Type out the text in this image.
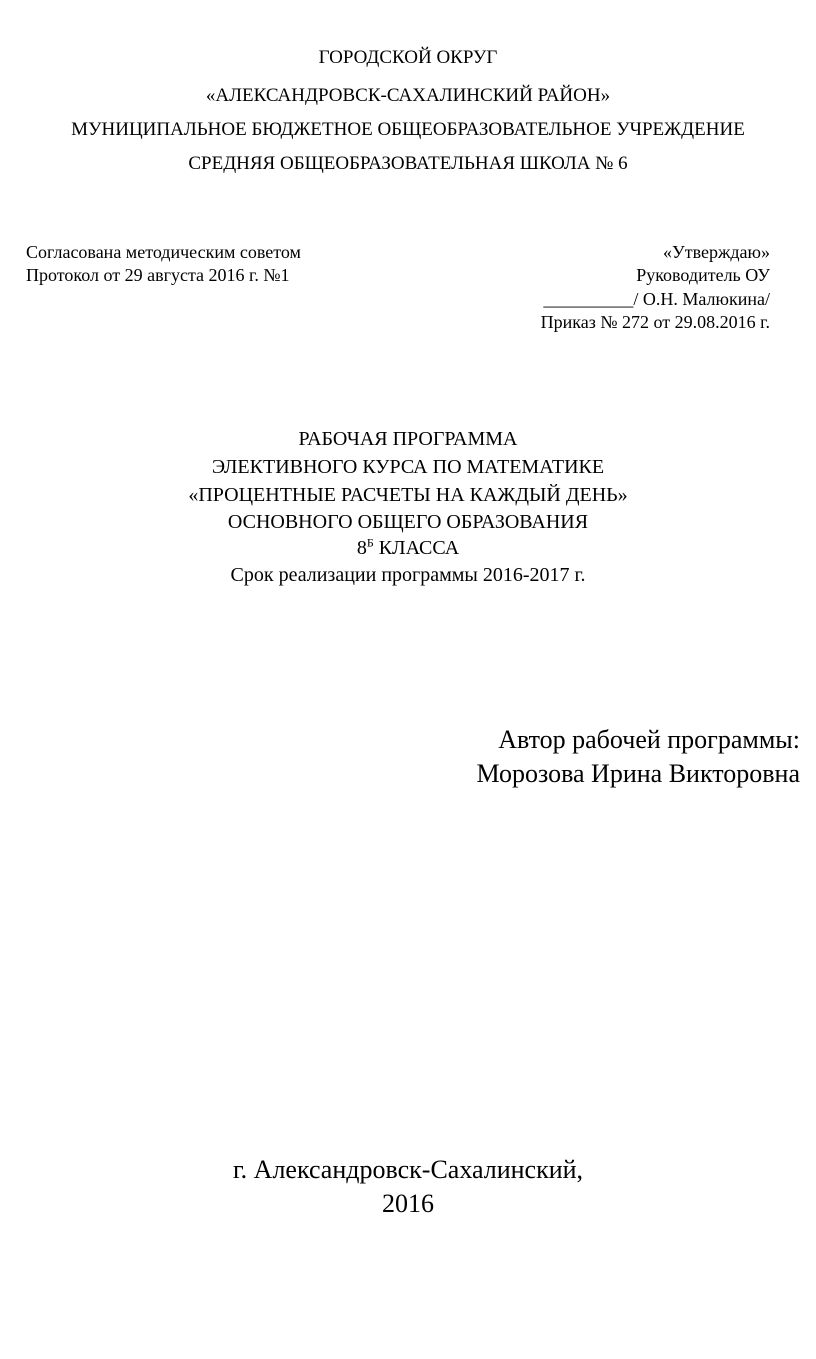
ГОРОДСКОЙ ОКРУГ
«АЛЕКСАНДРОВСК-САХАЛИНСКИЙ РАЙОН»
МУНИЦИПАЛЬНОЕ БЮДЖЕТНОЕ ОБЩЕОБРАЗОВАТЕЛЬНОЕ УЧРЕЖДЕНИЕ
СРЕДНЯЯ ОБЩЕОБРАЗОВАТЕЛЬНАЯ ШКОЛА № 6
Согласована методическим советом
Протокол от 29 августа 2016 г. №1
«Утверждаю»
Руководитель ОУ
__________/ О.Н. Малюкина/
Приказ № 272 от 29.08.2016 г.
РАБОЧАЯ ПРОГРАММА
ЭЛЕКТИВНОГО КУРСА ПО МАТЕМАТИКЕ
«ПРОЦЕНТНЫЕ РАСЧЕТЫ НА КАЖДЫЙ ДЕНЬ»
ОСНОВНОГО ОБЩЕГО ОБРАЗОВАНИЯ
$8^Б$ КЛАССА
Срок реализации программы 2016-2017 г.
Автор рабочей программы:
Морозова Ирина Викторовна
г. Александровск-Сахалинский,
2016
